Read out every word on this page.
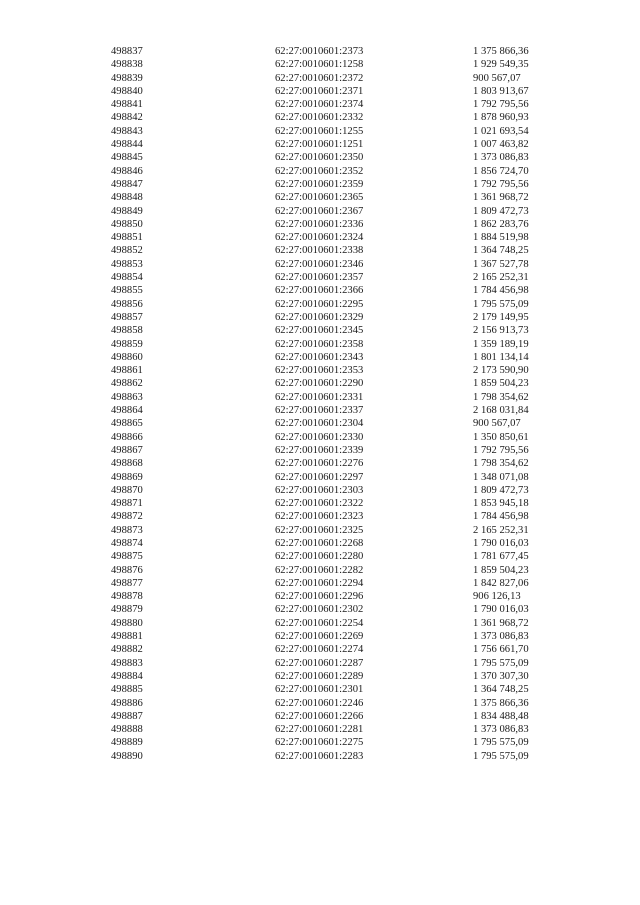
498837	62:27:0010601:2373	1 375 866,36
498838	62:27:0010601:1258	1 929 549,35
498839	62:27:0010601:2372	900 567,07
498840	62:27:0010601:2371	1 803 913,67
498841	62:27:0010601:2374	1 792 795,56
498842	62:27:0010601:2332	1 878 960,93
498843	62:27:0010601:1255	1 021 693,54
498844	62:27:0010601:1251	1 007 463,82
498845	62:27:0010601:2350	1 373 086,83
498846	62:27:0010601:2352	1 856 724,70
498847	62:27:0010601:2359	1 792 795,56
498848	62:27:0010601:2365	1 361 968,72
498849	62:27:0010601:2367	1 809 472,73
498850	62:27:0010601:2336	1 862 283,76
498851	62:27:0010601:2324	1 884 519,98
498852	62:27:0010601:2338	1 364 748,25
498853	62:27:0010601:2346	1 367 527,78
498854	62:27:0010601:2357	2 165 252,31
498855	62:27:0010601:2366	1 784 456,98
498856	62:27:0010601:2295	1 795 575,09
498857	62:27:0010601:2329	2 179 149,95
498858	62:27:0010601:2345	2 156 913,73
498859	62:27:0010601:2358	1 359 189,19
498860	62:27:0010601:2343	1 801 134,14
498861	62:27:0010601:2353	2 173 590,90
498862	62:27:0010601:2290	1 859 504,23
498863	62:27:0010601:2331	1 798 354,62
498864	62:27:0010601:2337	2 168 031,84
498865	62:27:0010601:2304	900 567,07
498866	62:27:0010601:2330	1 350 850,61
498867	62:27:0010601:2339	1 792 795,56
498868	62:27:0010601:2276	1 798 354,62
498869	62:27:0010601:2297	1 348 071,08
498870	62:27:0010601:2303	1 809 472,73
498871	62:27:0010601:2322	1 853 945,18
498872	62:27:0010601:2323	1 784 456,98
498873	62:27:0010601:2325	2 165 252,31
498874	62:27:0010601:2268	1 790 016,03
498875	62:27:0010601:2280	1 781 677,45
498876	62:27:0010601:2282	1 859 504,23
498877	62:27:0010601:2294	1 842 827,06
498878	62:27:0010601:2296	906 126,13
498879	62:27:0010601:2302	1 790 016,03
498880	62:27:0010601:2254	1 361 968,72
498881	62:27:0010601:2269	1 373 086,83
498882	62:27:0010601:2274	1 756 661,70
498883	62:27:0010601:2287	1 795 575,09
498884	62:27:0010601:2289	1 370 307,30
498885	62:27:0010601:2301	1 364 748,25
498886	62:27:0010601:2246	1 375 866,36
498887	62:27:0010601:2266	1 834 488,48
498888	62:27:0010601:2281	1 373 086,83
498889	62:27:0010601:2275	1 795 575,09
498890	62:27:0010601:2283	1 795 575,09
